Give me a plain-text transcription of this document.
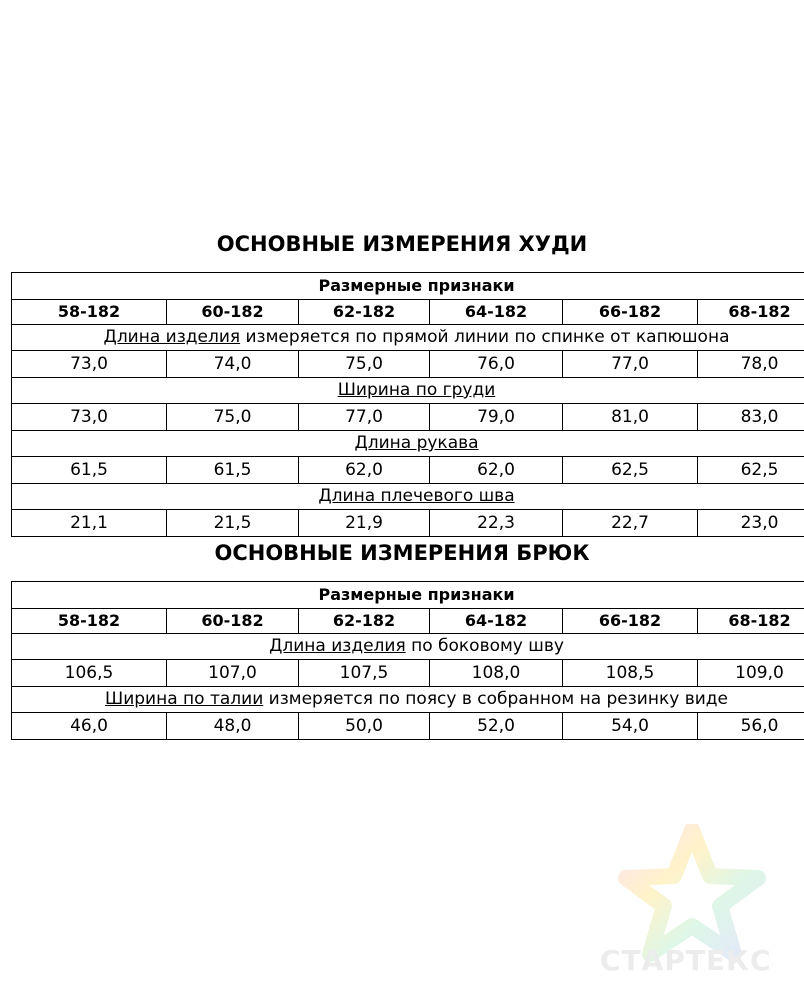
ОСНОВНЫЕ ИЗМЕРЕНИЯ ХУДИ
Размерные признаки					
58-182	60-182	62-182	64-182	66-182	68-182
Длина изделия измеряется по прямой линии по спинке от капюшона					
73,0	74,0	75,0	76,0	77,0	78,0
Ширина по груди					
73,0	75,0	77,0	79,0	81,0	83,0
Длина рукава					
61,5	61,5	62,0	62,0	62,5	62,5
Длина плечевого шва					
21,1	21,5	21,9	22,3	22,7	23,0
ОСНОВНЫЕ ИЗМЕРЕНИЯ БРЮК
Размерные признаки					
58-182	60-182	62-182	64-182	66-182	68-182
Длина изделия по боковому шву					
106,5	107,0	107,5	108,0	108,5	109,0
Ширина по талии измеряется по поясу в собранном на резинку виде					
46,0	48,0	50,0	52,0	54,0	56,0
СТАРТЕКС
